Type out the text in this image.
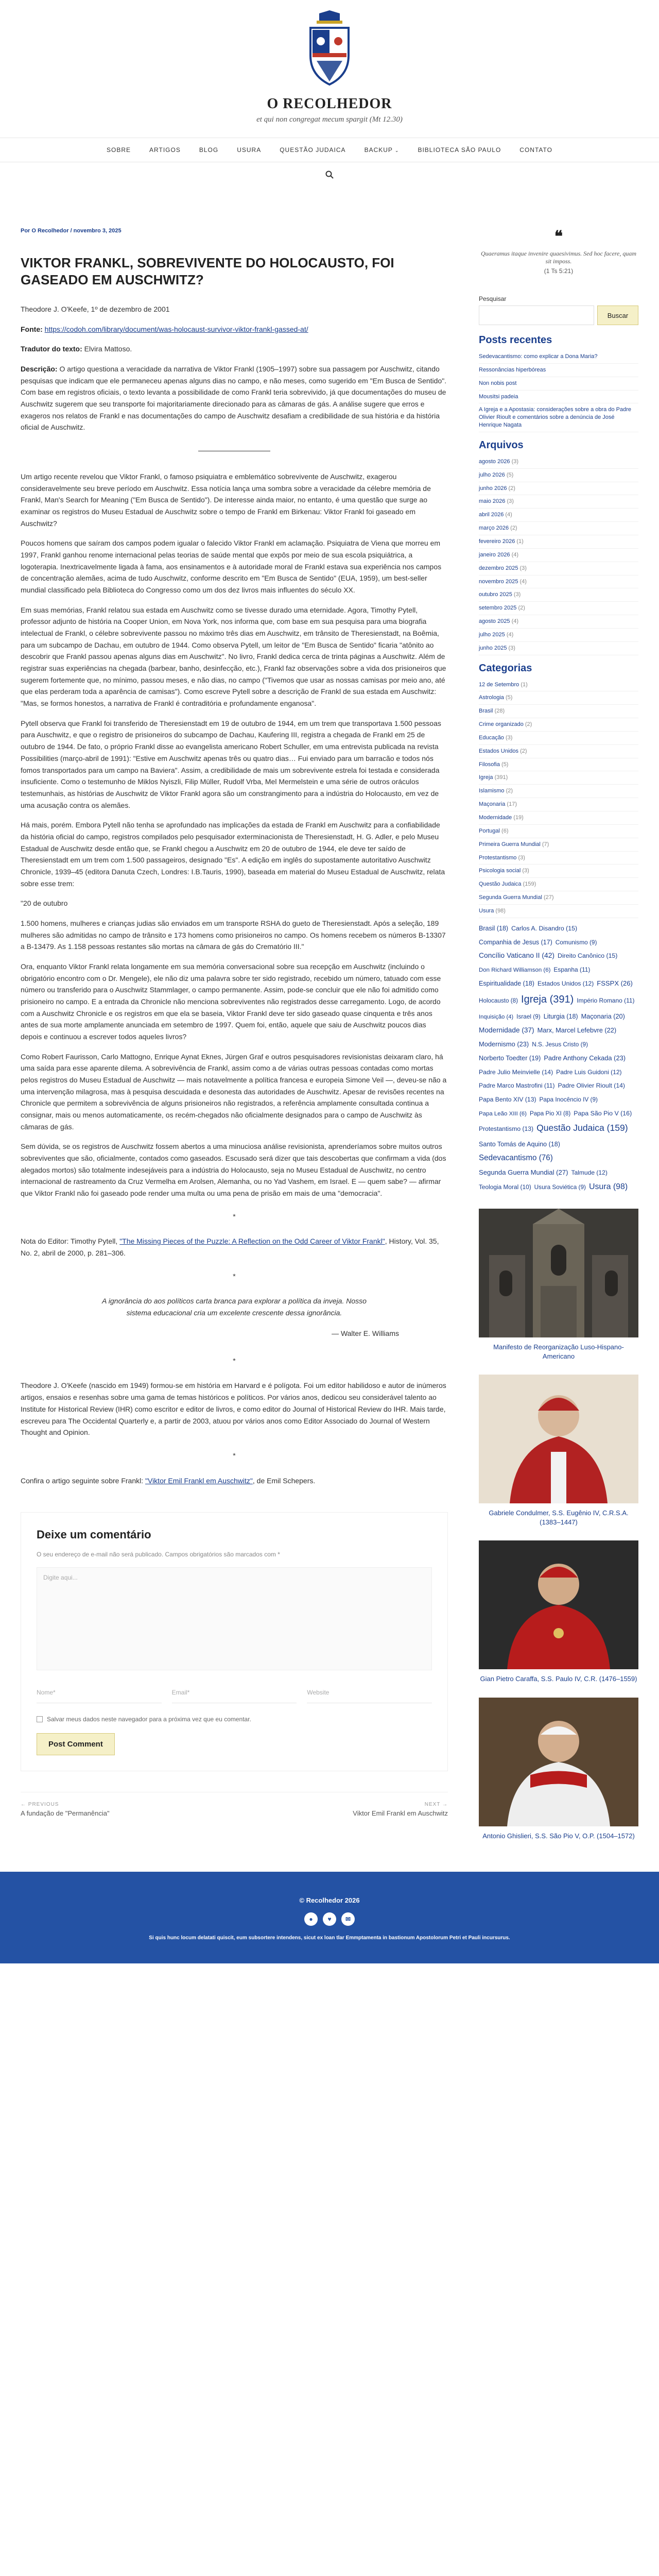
O RECOLHEDOR
et qui non congregat mecum spargit (Mt 12.30)
SOBRE	ARTIGOS	BLOG	USURA	QUESTÃO JUDAICA	BACKUP ⌄	BIBLIOTECA SÃO PAULO	CONTATO
Por O Recolhedor / novembro 3, 2025
VIKTOR FRANKL, SOBREVIVENTE DO HOLOCAUSTO, FOI GASEADO EM AUSCHWITZ?

Theodore J. O'Keefe, 1º de dezembro de 2001

Fonte: https://codoh.com/library/document/was-holocaust-survivor-viktor-frankl-gassed-at/

Tradutor do texto: Elvira Mattoso.

Descrição: O artigo questiona a veracidade da narrativa de Viktor Frankl (1905–1997) sobre sua passagem por Auschwitz, citando pesquisas que indicam que ele permaneceu apenas alguns dias no campo, e não meses, como sugerido em "Em Busca de Sentido". Com base em registros oficiais, o texto levanta a possibilidade de como Frankl teria sobrevivido, já que documentações do museu de Auschwitz sugerem que seu transporte foi majoritariamente direcionado para as câmaras de gás. A análise sugere que erros e exageros nos relatos de Frankl e nas documentações do campo de Auschwitz desafiam a credibilidade de sua história e da história oficial de Auschwitz.

Um artigo recente revelou que Viktor Frankl, o famoso psiquiatra e emblemático sobrevivente de Auschwitz, exagerou consideravelmente seu breve período em Auschwitz. Essa notícia lança uma sombra sobre a veracidade da célebre memória de Frankl, Man's Search for Meaning ("Em Busca de Sentido"). De interesse ainda maior, no entanto, é uma questão que surge ao examinar os registros do Museu Estadual de Auschwitz sobre o tempo de Frankl em Birkenau: Viktor Frankl foi gaseado em Auschwitz?

Poucos homens que saíram dos campos podem igualar o falecido Viktor Frankl em aclamação. Psiquiatra de Viena que morreu em 1997, Frankl ganhou renome internacional pelas teorias de saúde mental que expôs por meio de sua escola psiquiátrica, a logoterapia. Inextricavelmente ligada à fama, aos ensinamentos e à autoridade moral de Frankl estava sua experiência nos campos de concentração alemães, acima de tudo Auschwitz, conforme descrito em "Em Busca de Sentido" (EUA, 1959), um best-seller mundial classificado pela Biblioteca do Congresso como um dos dez livros mais influentes do século XX.

Em suas memórias, Frankl relatou sua estada em Auschwitz como se tivesse durado uma eternidade. Agora, Timothy Pytell, professor adjunto de história na Cooper Union, em Nova York, nos informa que, com base em sua pesquisa para uma biografia intelectual de Frankl, o célebre sobrevivente passou no máximo três dias em Auschwitz, em trânsito de Theresienstadt, na Boêmia, para um subcampo de Dachau, em outubro de 1944. Como observa Pytell, um leitor de "Em Busca de Sentido" ficaria "atônito ao descobrir que Frankl passou apenas alguns dias em Auschwitz". No livro, Frankl dedica cerca de trinta páginas a Auschwitz. Além de registrar suas experiências na chegada (barbear, banho, desinfecção, etc.), Frankl faz observações sobre a vida dos prisioneiros que sugerem fortemente que, no mínimo, passou meses, e não dias, no campo ("Tivemos que usar as nossas camisas por meio ano, até que elas perderam toda a aparência de camisas"). Como escreve Pytell sobre a descrição de Frankl de sua estada em Auschwitz: "Mas, se formos honestos, a narrativa de Frankl é contraditória e profundamente enganosa".

Pytell observa que Frankl foi transferido de Theresienstadt em 19 de outubro de 1944, em um trem que transportava 1.500 pessoas para Auschwitz, e que o registro de prisioneiros do subcampo de Dachau, Kaufering III, registra a chegada de Frankl em 25 de outubro de 1944. De fato, o próprio Frankl disse ao evangelista americano Robert Schuller, em uma entrevista publicada na revista Possibilities (março-abril de 1991): "Estive em Auschwitz apenas três ou quatro dias… Fui enviado para um barracão e todos nós fomos transportados para um campo na Baviera". Assim, a credibilidade de mais um sobrevivente estrela foi testada e considerada insuficiente. Como o testemunho de Miklos Nyiszli, Filip Müller, Rudolf Vrba, Mel Mermelstein e uma série de outros oráculos testemunhais, as histórias de Auschwitz de Viktor Frankl agora são um constrangimento para a indústria do Holocausto, em vez de uma acusação contra os alemães.

Há mais, porém. Embora Pytell não tenha se aprofundado nas implicações da estada de Frankl em Auschwitz para a confiabilidade da história oficial do campo, registros compilados pelo pesquisador exterminacionista de Theresienstadt, H. G. Adler, e pelo Museu Estadual de Auschwitz desde então que, se Frankl chegou a Auschwitz em 20 de outubro de 1944, ele deve ter saído de Theresienstadt em um trem com 1.500 passageiros, designado "Es". A edição em inglês do supostamente autoritativo Auschwitz Chronicle, 1939–45 (editora Danuta Czech, Londres: I.B.Tauris, 1990), baseada em material do Museu Estadual de Auschwitz, relata sobre esse trem:

"20 de outubro

1.500 homens, mulheres e crianças judias são enviados em um transporte RSHA do gueto de Theresienstadt. Após a seleção, 189 mulheres são admitidas no campo de trânsito e 173 homens como prisioneiros no campo. Os homens recebem os números B-13307 a B-13479. As 1.158 pessoas restantes são mortas na câmara de gás do Crematório III."

Ora, enquanto Viktor Frankl relata longamente em sua memória conversacional sobre sua recepção em Auschwitz (incluindo o obrigatório encontro com o Dr. Mengele), ele não diz uma palavra sobre ter sido registrado, recebido um número, tatuado com esse número ou transferido para o Auschwitz Stammlager, o campo permanente. Assim, pode-se concluir que ele não foi admitido como prisioneiro no campo. E a entrada da Chronicle não menciona sobreviventes não registrados desse carregamento. Logo, de acordo com a Auschwitz Chronicle e os registros em que ela se baseia, Viktor Frankl deve ter sido gaseado quase cinquenta e três anos antes de sua morte amplamente anunciada em setembro de 1997. Quem foi, então, aquele que saiu de Auschwitz poucos dias depois e continuou a escrever todos aqueles livros?

Como Robert Faurisson, Carlo Mattogno, Enrique Aynat Eknes, Jürgen Graf e outros pesquisadores revisionistas deixaram claro, há uma saída para esse aparente dilema. A sobrevivência de Frankl, assim como a de várias outras pessoas contadas como mortas pelos registros do Museu Estadual de Auschwitz — mais notavelmente a política francesa e europeia Simone Veil —, deveu-se não a uma intervenção milagrosa, mas à pesquisa descuidada e desonesta das autoridades de Auschwitz. Apesar de revisões recentes na Chronicle que permitem a sobrevivência de alguns prisioneiros não registrados, a referência amplamente consultada continua a consignar, mais ou menos automaticamente, os recém-chegados não oficialmente designados para o campo de Auschwitz às câmaras de gás.

Sem dúvida, se os registros de Auschwitz fossem abertos a uma minuciosa análise revisionista, aprenderíamos sobre muitos outros sobreviventes que são, oficialmente, contados como gaseados. Escusado será dizer que tais descobertas que confirmam a vida (dos alegados mortos) são totalmente indesejáveis para a indústria do Holocausto, seja no Museu Estadual de Auschwitz, no centro internacional de rastreamento da Cruz Vermelha em Arolsen, Alemanha, ou no Yad Vashem, em Israel. E — quem sabe? — afirmar que Viktor Frankl não foi gaseado pode render uma multa ou uma pena de prisão em mais de uma "democracia".

*

Nota do Editor: Timothy Pytell, "The Missing Pieces of the Puzzle: A Reflection on the Odd Career of Viktor Frankl", History, Vol. 35, No. 2, abril de 2000, p. 281–306.

*
A ignorância do aos políticos carta branca para explorar a política da inveja. Nosso sistema educacional cria um excelente crescente dessa ignorância.
— Walter E. Williams
*

Theodore J. O'Keefe (nascido em 1949) formou-se em história em Harvard e é polígota. Foi um editor habilidoso e autor de inúmeros artigos, ensaios e resenhas sobre uma gama de temas históricos e políticos. Por vários anos, dedicou seu considerável talento ao Institute for Historical Review (IHR) como escritor e editor de livros, e como editor do Journal of Historical Review do IHR. Mais tarde, escreveu para The Occidental Quarterly e, a partir de 2003, atuou por vários anos como Editor Associado do Journal of Western Thought and Opinion.

*

Confira o artigo seguinte sobre Frankl: "Viktor Emil Frankl em Auschwitz", de Emil Schepers.

Deixe um comentário
O seu endereço de e-mail não será publicado. Campos obrigatórios são marcados com *
Digite aqui...
Nome*	Email*	Website
Salvar meus dados neste navegador para a próxima vez que eu comentar.
Post Comment
← PREVIOUS
A fundação de "Permanência"
NEXT →
Viktor Emil Frankl em Auschwitz
❝
Quaeramus itaque invenire quaesivimus. Sed hoc facere, quam sit imposs.
(1 Ts 5:21)
Pesquisar
Buscar
Posts recentes
Sedevacantismo: como explicar a Dona Maria?
Ressonâncias hiperbóreas
Non nobis post
Mousitsi padeia
A Igreja e a Apostasia: considerações sobre a obra do Padre Olivier Rioult e comentários sobre a denúncia de José Henrique Nagata
Arquivos
agosto 2026 (3)
julho 2026 (5)
junho 2026 (2)
maio 2026 (3)
abril 2026 (4)
março 2026 (2)
fevereiro 2026 (1)
janeiro 2026 (4)
dezembro 2025 (3)
novembro 2025 (4)
outubro 2025 (3)
setembro 2025 (2)
agosto 2025 (4)
julho 2025 (4)
junho 2025 (3)
Categorias
12 de Setembro (1)
Astrologia (5)
Brasil (28)
Crime organizado (2)
Educação (3)
Estados Unidos (2)
Filosofia (5)
Igreja (391)
Islamismo (2)
Maçonaria (17)
Modernidade (19)
Portugal (6)
Primeira Guerra Mundial (7)
Protestantismo (3)
Psicologia social (3)
Questão Judaica (159)
Segunda Guerra Mundial (27)
Usura (98)
Brasil (18) Carlos A. Disandro (15)Companhia de Jesus (17) Comunismo (9)Concílio Vaticano II (42) Direito Canônico (15)Don Richard Williamson (6) Espanha (11)Espiritualidade (18) Estados Unidos (12) FSSPX (26)Holocausto (8) Igreja (391) Império Romano (11)Inquisição (4) Israel (9) Liturgia (18) Maçonaria (20)Modernidade (37) Marx, Marcel Lefebvre (22)Modernismo (23) N.S. Jesus Cristo (9)Norberto Toedter (19) Padre Anthony Cekada (23)Padre Julio Meinvielle (14) Padre Luis Guidoni (12)Padre Marco Mastrofini (11) Padre Olivier Rioult (14)Papa Bento XIV (13) Papa Inocêncio IV (9)Papa Leão XIII (6) Papa Pio XI (8) Papa São Pio V (16)Protestantismo (13) Questão Judaica (159)Santo Tomás de Aquino (18)Sedevacantismo (76)Segunda Guerra Mundial (27) Talmude (12)Teologia Moral (10) Usura Soviética (9) Usura (98)
Manifesto de Reorganização Luso-Hispano-Americano
Gabriele Condulmer, S.S. Eugênio IV, C.R.S.A. (1383–1447)
Gian Pietro Caraffa, S.S. Paulo IV, C.R. (1476–1559)
Antonio Ghislieri, S.S. São Pio V, O.P. (1504–1572)
© Recolhedor 2026
●	♥	✉
Si quis hunc locum delatati quiscit, eum subsortere intendens, sicut ex loan tlar Emmptamenta in bastionum Apostolorum Petri et Pauli incursurus.
